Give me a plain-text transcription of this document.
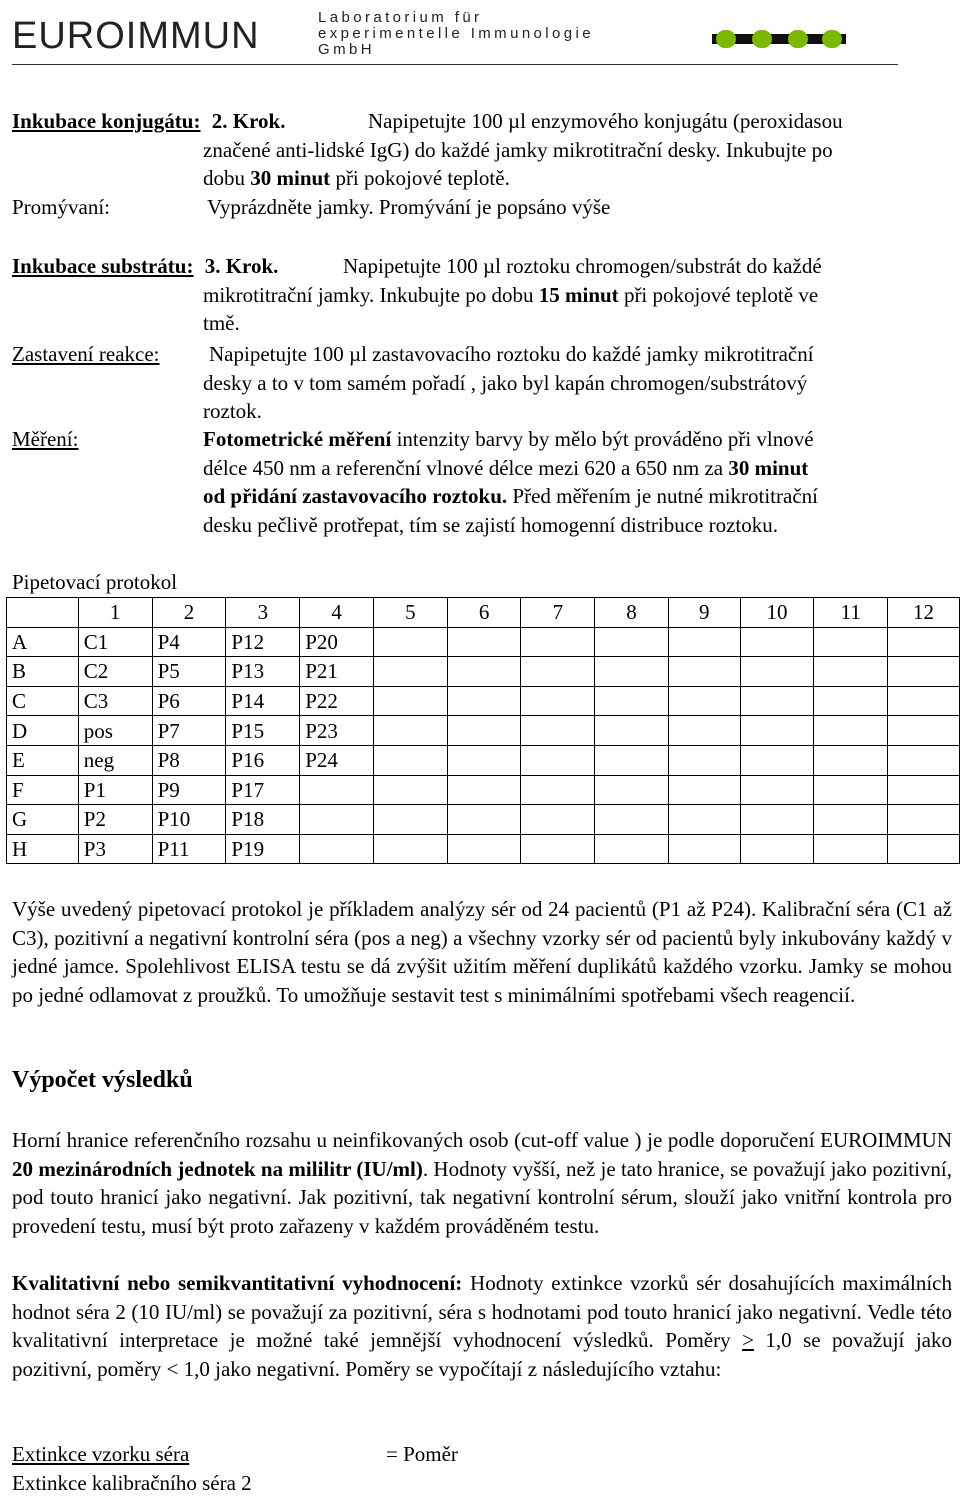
EUROIMMUN	Laboratorium für
experimentelle Immunologie
GmbH
Inkubace konjugátu: 2. Krok.	Napipetujte 100 µl enzymového konjugátu (peroxidasou
značené anti-lidské IgG) do každé jamky mikrotitrační desky. Inkubujte po
dobu 30 minut při pokojové teplotě.
Promývaní:	Vyprázdněte jamky. Promývání je popsáno výše
Inkubace substrátu: 3. Krok.	Napipetujte 100 µl roztoku chromogen/substrát do každé
mikrotitrační jamky. Inkubujte po dobu 15 minut při pokojové teplotě ve
tmě.
Zastavení reakce: Napipetujte 100 µl zastavovacího roztoku do každé jamky mikrotitrační
desky a to v tom samém pořadí , jako byl kapán chromogen/substrátový
roztok.
Měření:	Fotometrické měření intenzity barvy by mělo být prováděno při vlnové
délce 450 nm a referenční vlnové délce mezi 620 a 650 nm za 30 minut
od přidání zastavovacího roztoku. Před měřením je nutné mikrotitrační
desku pečlivě protřepat, tím se zajistí homogenní distribuce roztoku.
Pipetovací protokol
	1	2	3	4	5	6	7	8	9	10	11	12
A	C1	P4	P12	P20								
B	C2	P5	P13	P21								
C	C3	P6	P14	P22								
D	pos	P7	P15	P23								
E	neg	P8	P16	P24								
F	P1	P9	P17									
G	P2	P10	P18									
H	P3	P11	P19									
Výše uvedený pipetovací protokol je příkladem analýzy sér od 24 pacientů (P1 až P24). Kalibrační séra (C1 až C3), pozitivní a negativní kontrolní séra (pos a neg) a všechny vzorky sér od pacientů byly inkubovány každý v jedné jamce. Spolehlivost ELISA testu se dá zvýšit užitím měření duplikátů každého vzorku. Jamky se mohou po jedné odlamovat z proužků. To umožňuje sestavit test s minimálními spotřebami všech reagencií.
Výpočet výsledků
Horní hranice referenčního rozsahu u neinfikovaných osob (cut-off value ) je podle doporučení EUROIMMUN 20 mezinárodních jednotek na mililitr (IU/ml). Hodnoty vyšší, než je tato hranice, se považují jako pozitivní, pod touto hranicí jako negativní. Jak pozitivní, tak negativní kontrolní sérum, slouží jako vnitřní kontrola pro provedení testu, musí být proto zařazeny v každém prováděném testu.
Kvalitativní nebo semikvantitativní vyhodnocení: Hodnoty extinkce vzorků sér dosahujících maximálních hodnot séra 2 (10 IU/ml) se považují za pozitivní, séra s hodnotami pod touto hranicí jako negativní. Vedle této kvalitativní interpretace je možné také jemnější vyhodnocení výsledků. Poměry > 1,0 se považují jako pozitivní, poměry < 1,0 jako negativní. Poměry se vypočítají z následujícího vztahu:
Extinkce vzorku séra	= Poměr
Extinkce kalibračního séra 2
